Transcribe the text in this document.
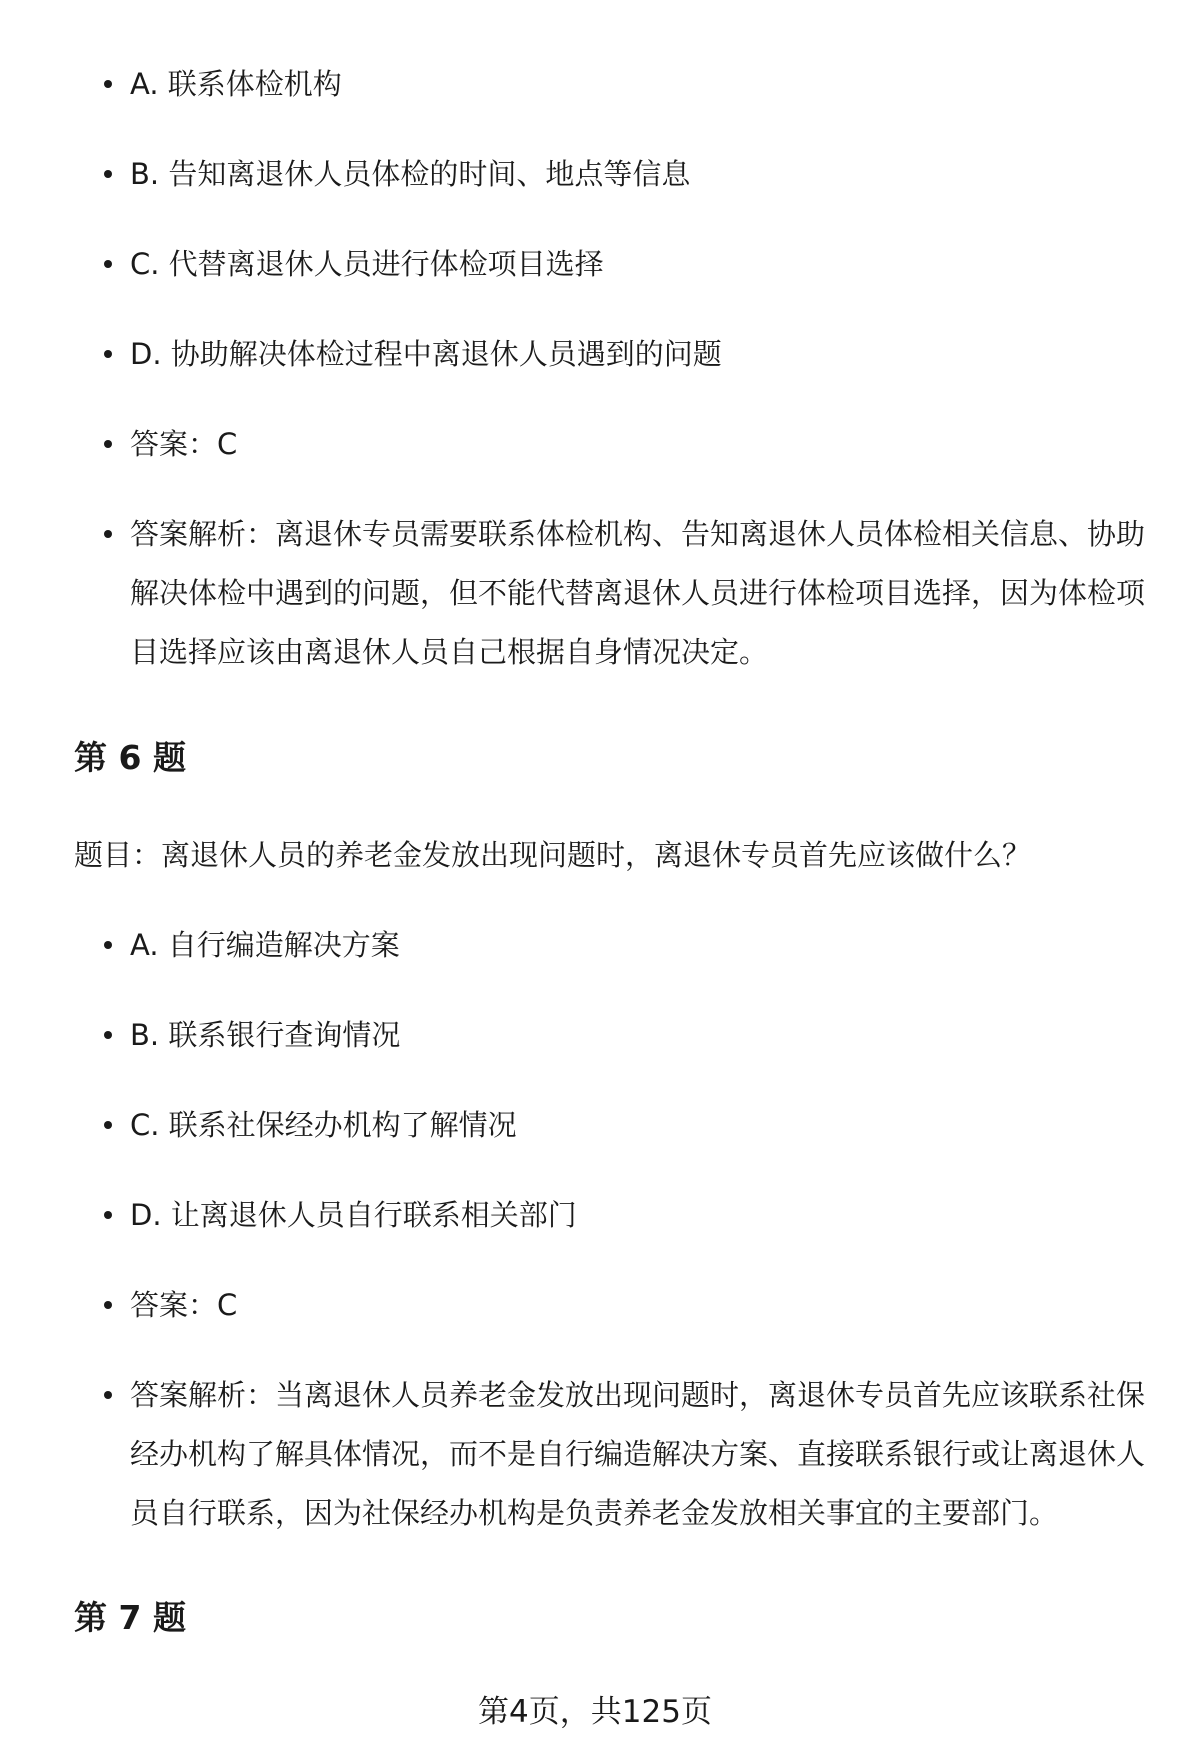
A. 联系体检机构
B. 告知离退休人员体检的时间、地点等信息
C. 代替离退休人员进行体检项目选择
D. 协助解决体检过程中离退休人员遇到的问题
答案：C
答案解析：离退休专员需要联系体检机构、告知离退休人员体检相关信息、协助解决体检中遇到的问题，但不能代替离退休人员进行体检项目选择，因为体检项目选择应该由离退休人员自己根据自身情况决定。
第 6 题
题目：离退休人员的养老金发放出现问题时，离退休专员首先应该做什么？
A. 自行编造解决方案
B. 联系银行查询情况
C. 联系社保经办机构了解情况
D. 让离退休人员自行联系相关部门
答案：C
答案解析：当离退休人员养老金发放出现问题时，离退休专员首先应该联系社保经办机构了解具体情况，而不是自行编造解决方案、直接联系银行或让离退休人员自行联系，因为社保经办机构是负责养老金发放相关事宜的主要部门。
第 7 题
第4页，共125页
